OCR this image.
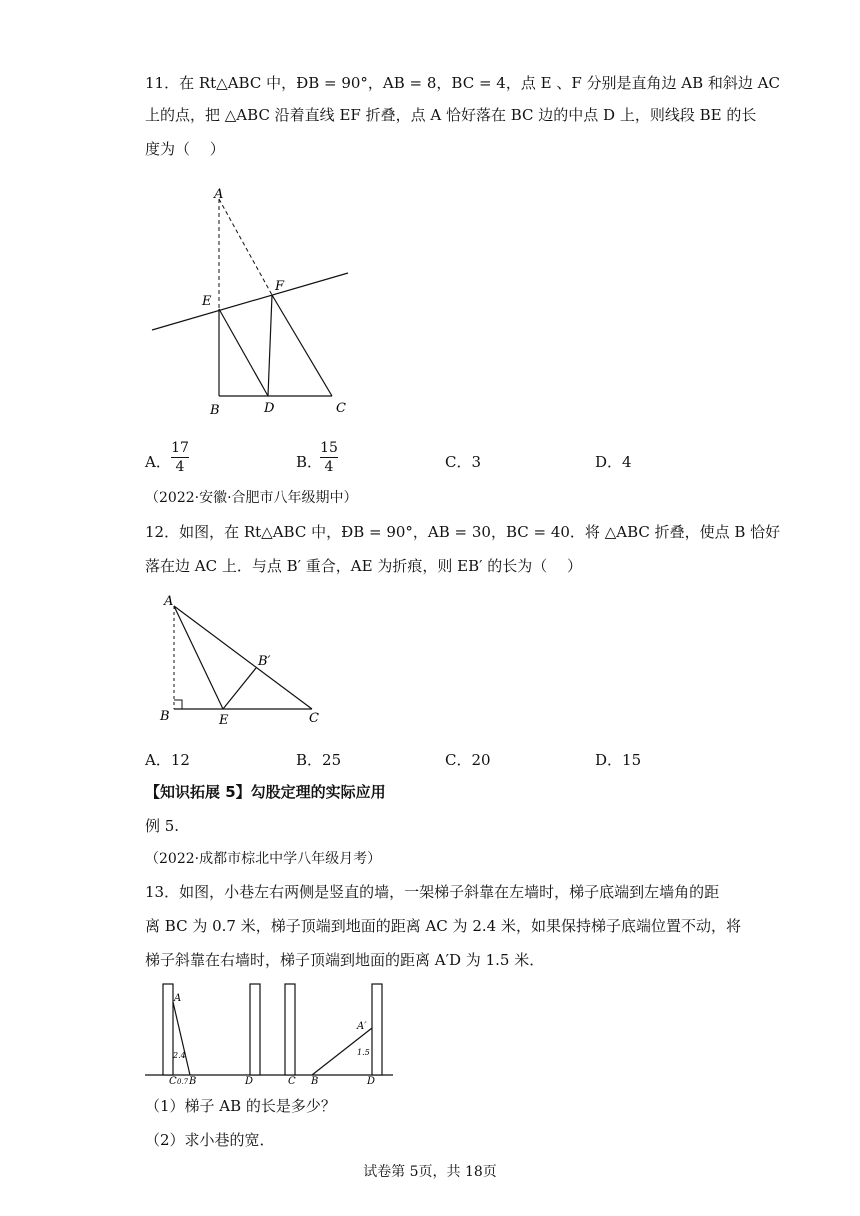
11．在 Rt△ABC 中，ÐB = 90°，AB = 8，BC = 4，点 E 、F 分别是直角边 AB 和斜边 AC
上的点，把 △ABC 沿着直线 EF 折叠，点 A 恰好落在 BC 边的中点 D 上，则线段 BE 的长
度为（　 ）
A
E
F
B	D	C
A．
17
4	B．
15
4	C．3	D．4
（2022·安徽·合肥市八年级期中）
12．如图，在 Rt△ABC 中，ÐB = 90°，AB = 30，BC = 40．将 △ABC 折叠，使点 B 恰好
落在边 AC 上．与点 B′ 重合，AE 为折痕，则 EB′ 的长为（　 ）
A
B′
B	E	C
A．12	B．25	C．20	D．15
【知识拓展 5】勾股定理的实际应用
例 5.
（2022·成都市棕北中学八年级月考）
13．如图，小巷左右两侧是竖直的墙，一架梯子斜靠在左墙时，梯子底端到左墙角的距
离 BC 为 0.7 米，梯子顶端到地面的距离 AC 为 2.4 米，如果保持梯子底端位置不动，将
梯子斜靠在右墙时，梯子顶端到地面的距离 A′D 为 1.5 米．
A
2.4
C 0.7 B	D	C B	D
A′
1.5
（1）梯子 AB 的长是多少？
（2）求小巷的宽．
试卷第 5页，共 18页
